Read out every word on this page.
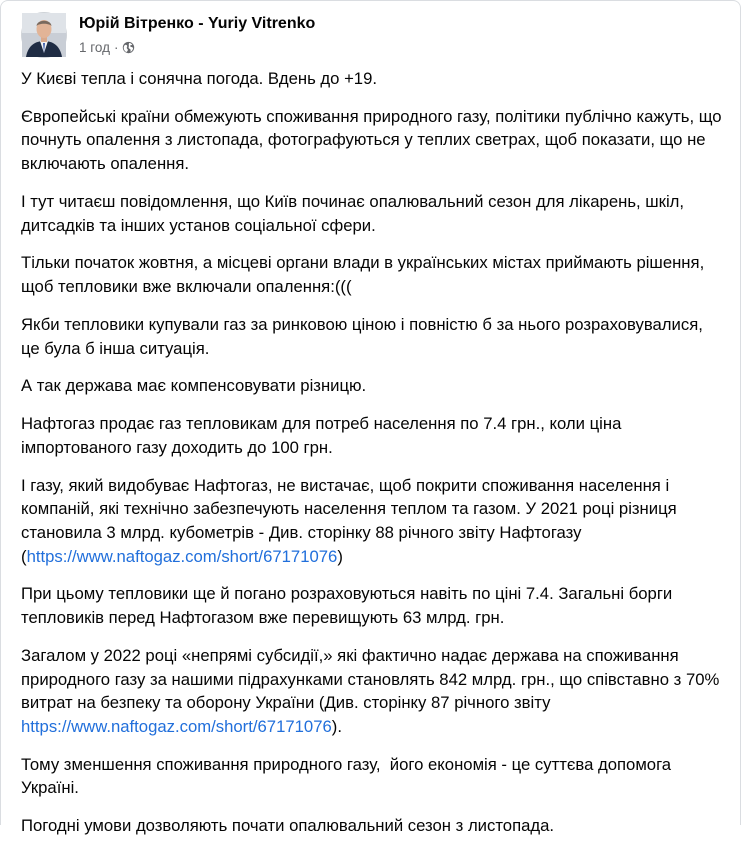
Юрій Вітренко - Yuriy Vitrenko
1 год ·

У Києві тепла і сонячна погода. Вдень до +19.

Європейські країни обмежують споживання природного газу, політики публічно кажуть, що почнуть опалення з листопада, фотографуються у теплих светрах, щоб показати, що не включають опалення.

І тут читаєш повідомлення, що Київ починає опалювальний сезон для лікарень, шкіл, дитсадків та інших установ соціальної сфери.

Тільки початок жовтня, а місцеві органи влади в українських містах приймають рішення, щоб тепловики вже включали опалення:(((

Якби тепловики купували газ за ринковою ціною і повністю б за нього розраховувалися, це була б інша ситуація.

А так держава має компенсовувати різницю.

Нафтогаз продає газ тепловикам для потреб населення по 7.4 грн., коли ціна імпортованого газу доходить до 100 грн.

І газу, який видобуває Нафтогаз, не вистачає, щоб покрити споживання населення і компаній, які технічно забезпечують населення теплом та газом. У 2021 році різниця становила 3 млрд. кубометрів - Див. сторінку 88 річного звіту Нафтогазу (https://www.naftogaz.com/short/67171076)

При цьому тепловики ще й погано розраховуються навіть по ціні 7.4. Загальні борги тепловиків перед Нафтогазом вже перевищують 63 млрд. грн.

Загалом у 2022 році «непрямі субсидії,» які фактично надає держава на споживання природного газу за нашими підрахунками становлять 842 млрд. грн., що співставно з 70% витрат на безпеку та оборону України (Див. сторінку 87 річного звіту https://www.naftogaz.com/short/67171076).

Тому зменшення споживання природного газу,  його економія - це суттєва допомога Україні.

Погодні умови дозволяють почати опалювальний сезон з листопада.
